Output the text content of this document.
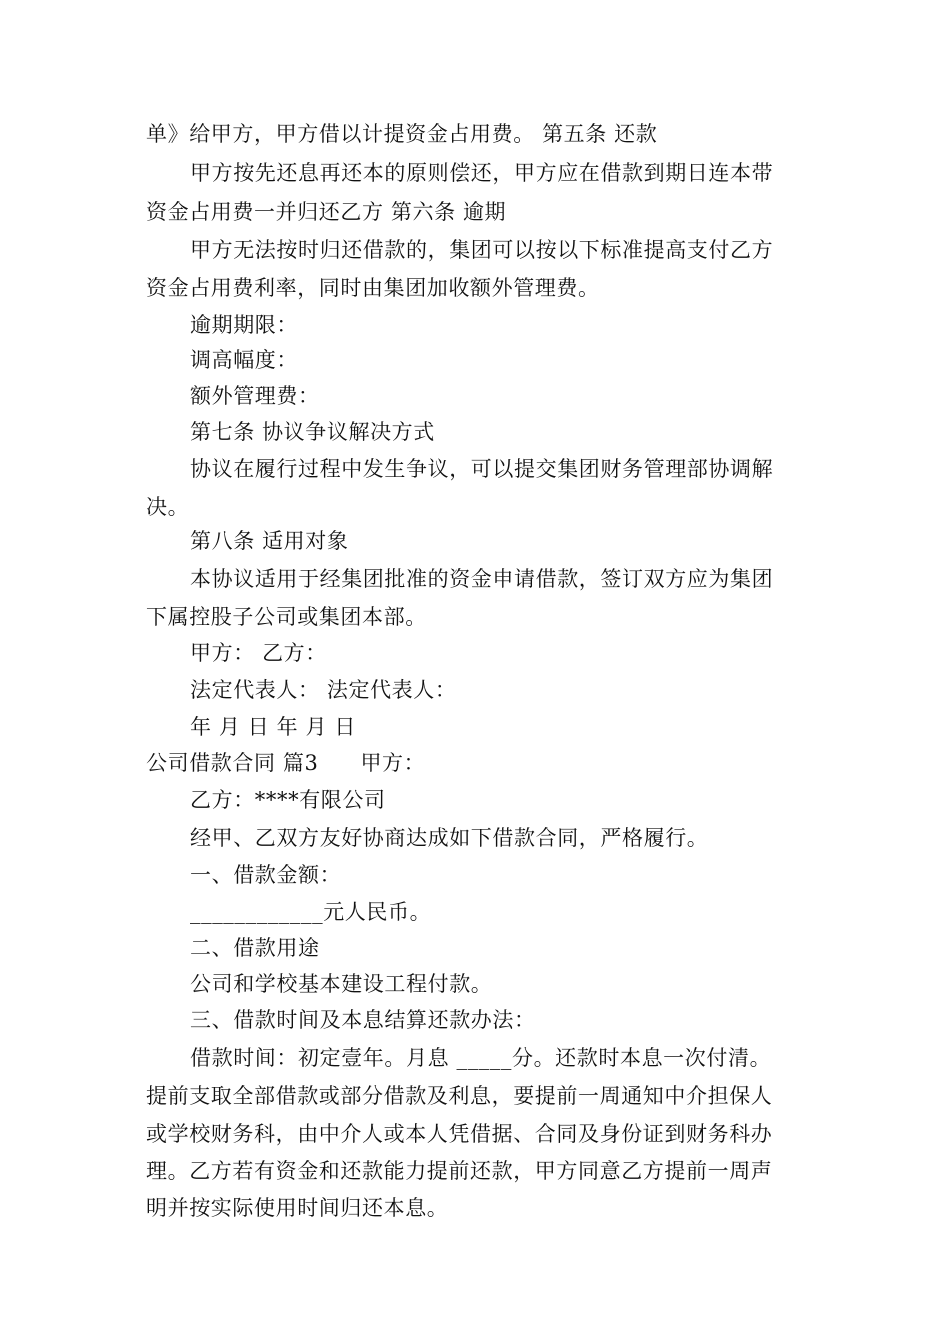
单》给甲方，甲方借以计提资金占用费。 第五条 还款
甲方按先还息再还本的原则偿还，甲方应在借款到期日连本带
资金占用费一并归还乙方 第六条 逾期
甲方无法按时归还借款的，集团可以按以下标准提高支付乙方
资金占用费利率，同时由集团加收额外管理费。
逾期期限：
调高幅度：
额外管理费：
第七条 协议争议解决方式
协议在履行过程中发生争议，可以提交集团财务管理部协调解
决。
第八条 适用对象
本协议适用于经集团批准的资金申请借款，签订双方应为集团
下属控股子公司或集团本部。
甲方： 乙方：
法定代表人： 法定代表人：
年 月 日 年 月 日
公司借款合同 篇3 甲方：
乙方：****有限公司
经甲、乙双方友好协商达成如下借款合同，严格履行。
一、借款金额：
____________元人民币。
二、借款用途
公司和学校基本建设工程付款。
三、借款时间及本息结算还款办法：
借款时间：初定壹年。月息 _____分。还款时本息一次付清。
提前支取全部借款或部分借款及利息，要提前一周通知中介担保人
或学校财务科，由中介人或本人凭借据、合同及身份证到财务科办
理。乙方若有资金和还款能力提前还款，甲方同意乙方提前一周声
明并按实际使用时间归还本息。
